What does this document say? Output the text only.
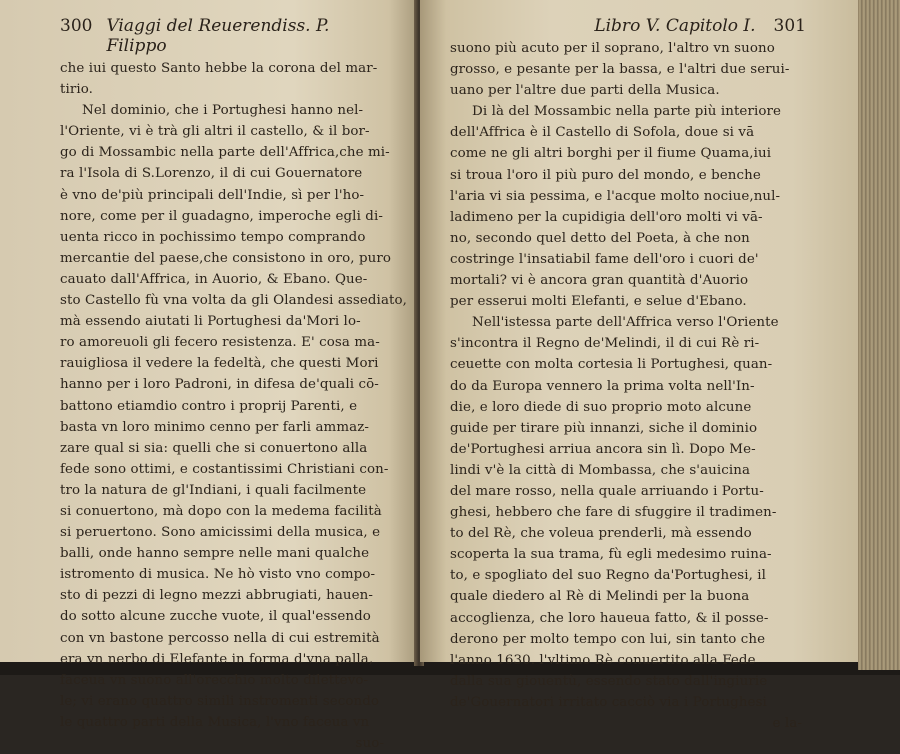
300 Viaggi del Reuerendiss. P. Filippo
che iui questo Santo hebbe la corona del mar-
tirio.
Nel dominio, che i Portughesi hanno nel-
l'Oriente, vi è trà gli altri il castello, & il bor-
go di Mossambic nella parte dell'Affrica,che mi-
ra l'Isola di S.Lorenzo, il di cui Gouernatore
è vno de'più principali dell'Indie, sì per l'ho-
nore, come per il guadagno, imperoche egli di-
uenta ricco in pochissimo tempo comprando
mercantie del paese,che consistono in oro, puro
cauato dall'Affrica, in Auorio, & Ebano. Que-
sto Castello fù vna volta da gli Olandesi assediato,
mà essendo aiutati li Portughesi da'Mori lo-
ro amoreuoli gli fecero resistenza. E' cosa ma-
rauigliosa il vedere la fedeltà, che questi Mori
hanno per i loro Padroni, in difesa de'quali cō-
battono etiamdio contro i proprij Parenti, e
basta vn loro minimo cenno per farli ammaz-
zare qual si sia: quelli che si conuertono alla
fede sono ottimi, e costantissimi Christiani con-
tro la natura de gl'Indiani, i quali facilmente
si conuertono, mà dopo con la medema facilità
si peruertono. Sono amicissimi della musica, e
balli, onde hanno sempre nelle mani qualche
istromento di musica. Ne hò visto vno compo-
sto di pezzi di legno mezzi abbrugiati, hauen-
do sotto alcune zucche vuote, il qual'essendo
con vn bastone percosso nella di cui estremità
era vn nerbo di Elefante in forma d'vna palla,
faceua vn suono all'orecchio molto dilettevo-
le; vi erano quattro simili instromenti secondo
le quattro parti della Musica, l'vno faceua vn
suo-
Libro V. Capitolo I.	301
suono più acuto per il soprano, l'altro vn suono
grosso, e pesante per la bassa, e l'altri due serui-
uano per l'altre due parti della Musica.
Di là del Mossambic nella parte più interiore
dell'Affrica è il Castello di Sofola, doue si vā
come ne gli altri borghi per il fiume Quama,iui
si troua l'oro il più puro del mondo, e benche
l'aria vi sia pessima, e l'acque molto nociue,nul-
ladimeno per la cupidigia dell'oro molti vi vā-
no, secondo quel detto del Poeta, à che non
costringe l'insatiabil fame dell'oro i cuori de'
mortali? vi è ancora gran quantità d'Auorio
per esserui molti Elefanti, e selue d'Ebano.
Nell'istessa parte dell'Affrica verso l'Oriente
s'incontra il Regno de'Melindi, il di cui Rè ri-
ceuette con molta cortesia li Portughesi, quan-
do da Europa vennero la prima volta nell'In-
die, e loro diede di suo proprio moto alcune
guide per tirare più innanzi, siche il dominio
de'Portughesi arriua ancora sin lì. Dopo Me-
lindi v'è la città di Mombassa, che s'auicina
del mare rosso, nella quale arriuando i Portu-
ghesi, hebbero che fare di sfuggire il tradimen-
to del Rè, che voleua prenderli, mà essendo
scoperta la sua trama, fù egli medesimo ruina-
to, e spogliato del suo Regno da'Portughesi, il
quale diedero al Rè di Melindi per la buona
accoglienza, che loro haueua fatto, & il posse-
derono per molto tempo con lui, sin tanto che
l'anno 1630. l'vltimo Rè conuertito alla Fede
dalla sua giouentù, essendo stato dall'ingiurie
de'Gouernatori irritato cacciò via i Portughesi
e la-
